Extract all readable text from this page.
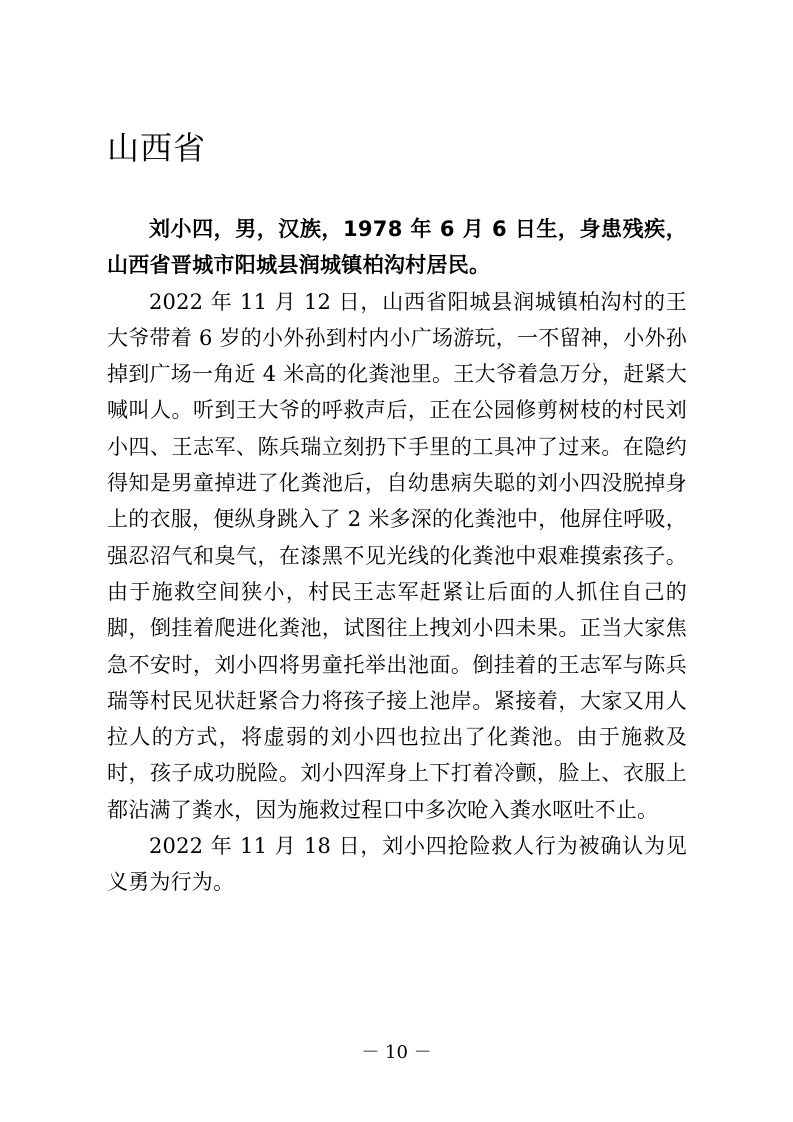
山西省

刘小四，男，汉族，1978 年 6 月 6 日生，身患残疾，山西省晋城市阳城县润城镇柏沟村居民。

2022 年 11 月 12 日，山西省阳城县润城镇柏沟村的王大爷带着 6 岁的小外孙到村内小广场游玩，一不留神，小外孙掉到广场一角近 4 米高的化粪池里。王大爷着急万分，赶紧大喊叫人。听到王大爷的呼救声后，正在公园修剪树枝的村民刘小四、王志军、陈兵瑞立刻扔下手里的工具冲了过来。在隐约得知是男童掉进了化粪池后，自幼患病失聪的刘小四没脱掉身上的衣服，便纵身跳入了 2 米多深的化粪池中，他屏住呼吸，强忍沼气和臭气，在漆黑不见光线的化粪池中艰难摸索孩子。由于施救空间狭小，村民王志军赶紧让后面的人抓住自己的脚，倒挂着爬进化粪池，试图往上拽刘小四未果。正当大家焦急不安时，刘小四将男童托举出池面。倒挂着的王志军与陈兵瑞等村民见状赶紧合力将孩子接上池岸。紧接着，大家又用人拉人的方式，将虚弱的刘小四也拉出了化粪池。由于施救及时，孩子成功脱险。刘小四浑身上下打着冷颤，脸上、衣服上都沾满了粪水，因为施救过程口中多次呛入粪水呕吐不止。

2022 年 11 月 18 日，刘小四抢险救人行为被确认为见义勇为行为。

－ 10 －
